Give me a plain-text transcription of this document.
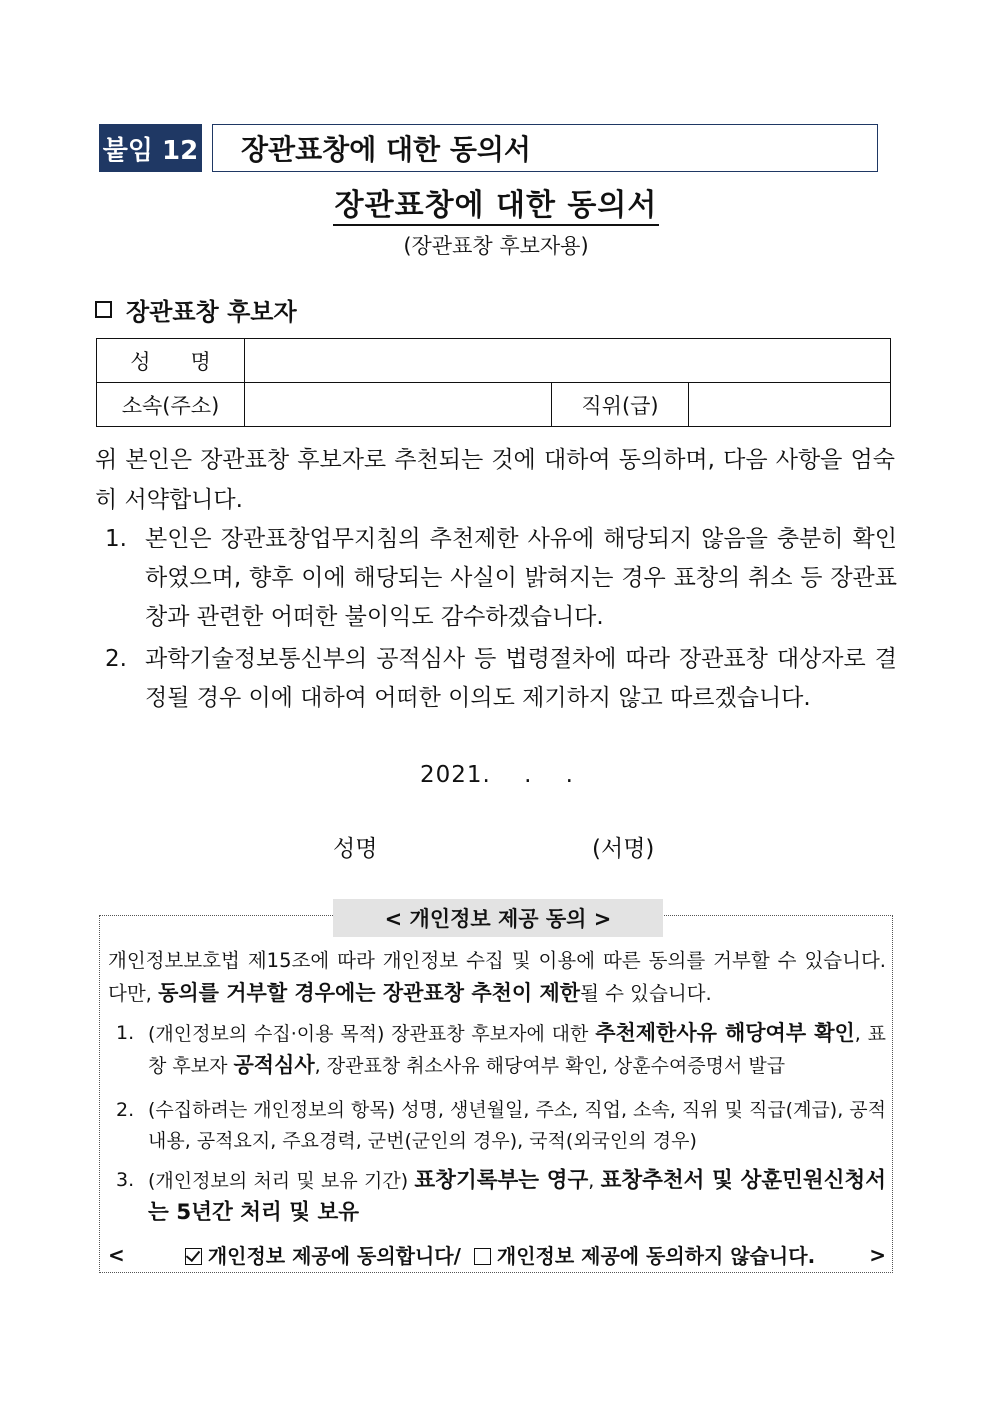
붙임 12	장관표창에 대한 동의서
장관표창에 대한 동의서
(장관표창 후보자용)
장관표창 후보자
성      명			
소속(주소)		직위(급)	
위 본인은 장관표창 후보자로 추천되는 것에 대하여 동의하며, 다음 사항을 엄숙히 서약합니다.
1. 본인은 장관표창업무지침의 추천제한 사유에 해당되지 않음을 충분히 확인하였으며, 향후 이에 해당되는 사실이 밝혀지는 경우 표창의 취소 등 장관표창과 관련한 어떠한 불이익도 감수하겠습니다.
2. 과학기술정보통신부의 공적심사 등 법령절차에 따라 장관표창 대상자로 결정될 경우 이에 대하여 어떠한 이의도 제기하지 않고 따르겠습니다.
2021.    .    .
성명	(서명)
< 개인정보 제공 동의 >
개인정보보호법 제15조에 따라 개인정보 수집 및 이용에 따른 동의를 거부할 수 있습니다. 다만, 동의를 거부할 경우에는 장관표창 추천이 제한될 수 있습니다.
1. (개인정보의 수집·이용 목적) 장관표창 후보자에 대한 추천제한사유 해당여부 확인, 표창 후보자 공적심사, 장관표창 취소사유 해당여부 확인, 상훈수여증명서 발급
2. (수집하려는 개인정보의 항목) 성명, 생년월일, 주소, 직업, 소속, 직위 및 직급(계급), 공적내용, 공적요지, 주요경력, 군번(군인의 경우), 국적(외국인의 경우)
3. (개인정보의 처리 및 보유 기간) 표창기록부는 영구, 표창추천서 및 상훈민원신청서는 5년간 처리 및 보유
<	개인정보 제공에 동의합니다/ 개인정보 제공에 동의하지 않습니다.	>
